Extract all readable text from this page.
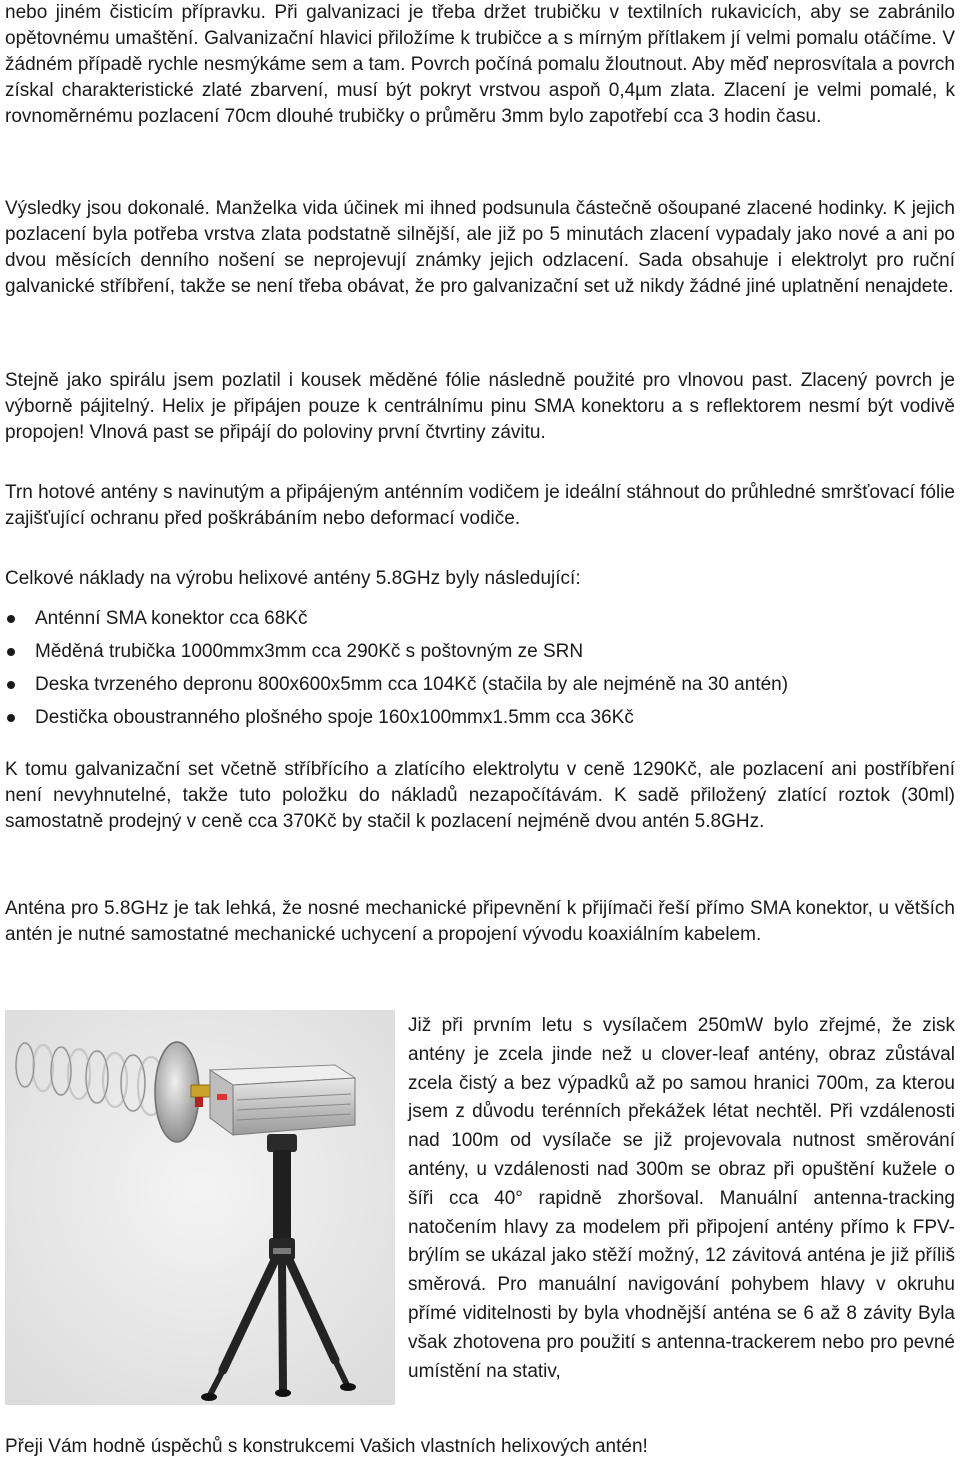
nebo jiném čisticím přípravku. Při galvanizaci je třeba držet trubičku v textilních rukavicích, aby se zabránilo opětovnému umaštění. Galvanizační hlavici přiložíme k trubičce a s mírným přítlakem jí velmi pomalu otáčíme. V žádném případě rychle nesmýkáme sem a tam. Povrch počíná pomalu žloutnout. Aby měď neprosvítala a povrch získal charakteristické zlaté zbarvení, musí být pokryt vrstvou aspoň 0,4µm zlata. Zlacení je velmi pomalé, k rovnoměrnému pozlacení 70cm dlouhé trubičky o průměru 3mm bylo zapotřebí cca 3 hodin času.

Výsledky jsou dokonalé. Manželka vida účinek mi ihned podsunula částečně ošoupané zlacené hodinky. K jejich pozlacení byla potřeba vrstva zlata podstatně silnější, ale již po 5 minutách zlacení vypadaly jako nové a ani po dvou měsících denního nošení se neprojevují známky jejich odzlacení. Sada obsahuje i elektrolyt pro ruční galvanické stříbření, takže se není třeba obávat, že pro galvanizační set už nikdy žádné jiné uplatnění nenajdete.

Stejně jako spirálu jsem pozlatil i kousek měděné fólie následně použité pro vlnovou past. Zlacený povrch je výborně pájitelný. Helix je připájen pouze k centrálnímu pinu SMA konektoru a s reflektorem nesmí být vodivě propojen! Vlnová past se připájí do poloviny první čtvrtiny závitu.

Trn hotové antény s navinutým a připájeným anténním vodičem je ideální stáhnout do průhledné smršťovací fólie zajišťující ochranu před poškrábáním nebo deformací vodiče.

Celkové náklady na výrobu helixové antény 5.8GHz byly následující:

Anténní SMA konektor cca 68Kč
Měděná trubička 1000mmx3mm cca 290Kč s poštovným ze SRN
Deska tvrzeného depronu 800x600x5mm cca 104Kč (stačila by ale nejméně na 30 antén)
Destička oboustranného plošného spoje 160x100mmx1.5mm cca 36Kč

K tomu galvanizační set včetně stříbřícího a zlatícího elektrolytu v ceně 1290Kč, ale pozlacení ani postříbření není nevyhnutelné, takže tuto položku do nákladů nezapočítávám. K sadě přiložený zlatící roztok (30ml) samostatně prodejný v ceně cca 370Kč by stačil k pozlacení nejméně dvou antén 5.8GHz.

Anténa pro 5.8GHz je tak lehká, že nosné mechanické připevnění k přijímači řeší přímo SMA konektor, u větších antén je nutné samostatné mechanické uchycení a propojení vývodu koaxiálním kabelem.

Již při prvním letu s vysílačem 250mW bylo zřejmé, že zisk antény je zcela jinde než u clover-leaf antény, obraz zůstával zcela čistý a bez výpadků až po samou hranici 700m, za kterou jsem z důvodu terénních překážek létat nechtěl. Při vzdálenosti nad 100m od vysílače se již projevovala nutnost směrování antény, u vzdálenosti nad 300m se obraz při opuštění kužele o šíři cca 40° rapidně zhoršoval. Manuální antenna-tracking natočením hlavy za modelem při připojení antény přímo k FPV-brýlím se ukázal jako stěží možný, 12 závitová anténa je již příliš směrová. Pro manuální navigování pohybem hlavy v okruhu přímé viditelnosti by byla vhodnější anténa se 6 až 8 závity Byla však zhotovena pro použití s antenna-trackerem nebo pro pevné umístění na stativ,

Přeji Vám hodně úspěchů s konstrukcemi Vašich vlastních helixových antén!
